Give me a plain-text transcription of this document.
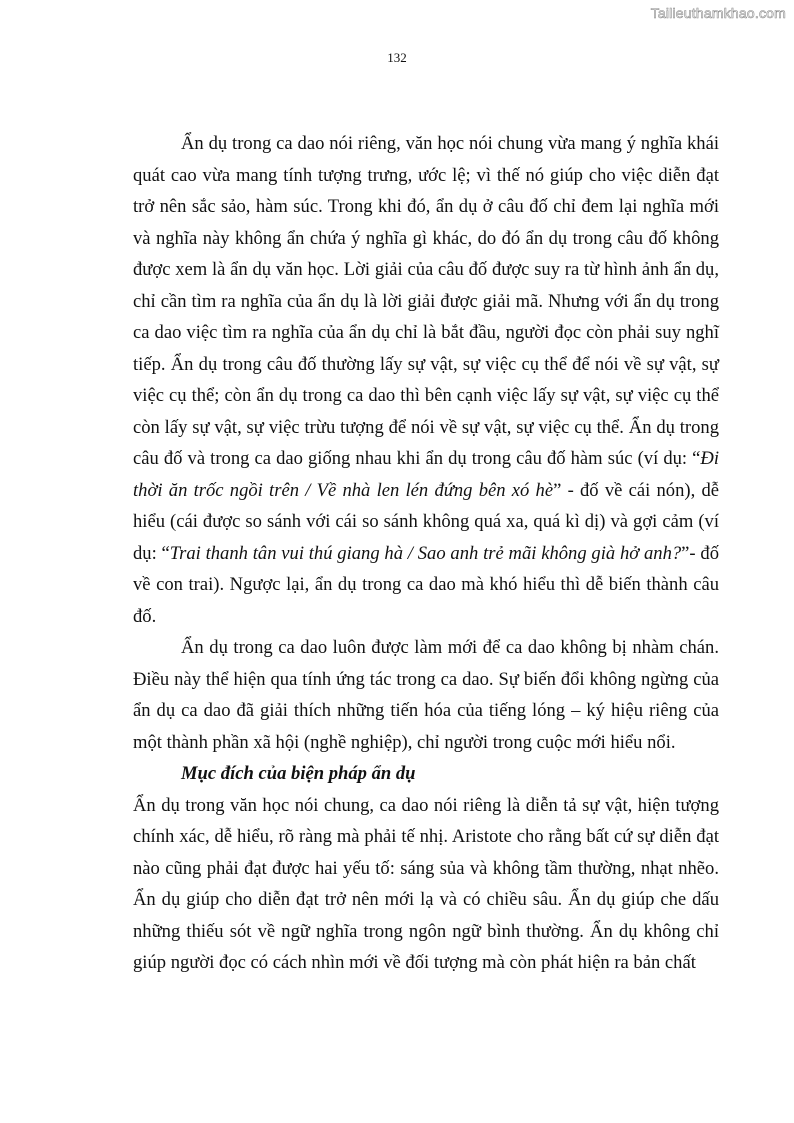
Tailieuthamkhao.com
132

Ẩn dụ trong ca dao nói riêng, văn học nói chung vừa mang ý nghĩa khái quát cao vừa mang tính tượng trưng, ước lệ; vì thế nó giúp cho việc diễn đạt trở nên sắc sảo, hàm súc. Trong khi đó, ẩn dụ ở câu đố chỉ đem lại nghĩa mới và nghĩa này không ẩn chứa ý nghĩa gì khác, do đó ẩn dụ trong câu đố không được xem là ẩn dụ văn học. Lời giải của câu đố được suy ra từ hình ảnh ẩn dụ, chỉ cần tìm ra nghĩa của ẩn dụ là lời giải được giải mã. Nhưng với ẩn dụ trong ca dao việc tìm ra nghĩa của ẩn dụ chỉ là bắt đầu, người đọc còn phải suy nghĩ tiếp. Ẩn dụ trong câu đố thường lấy sự vật, sự việc cụ thể để nói về sự vật, sự việc cụ thể; còn ẩn dụ trong ca dao thì bên cạnh việc lấy sự vật, sự việc cụ thể còn lấy sự vật, sự việc trừu tượng để nói về sự vật, sự việc cụ thể. Ẩn dụ trong câu đố và trong ca dao giống nhau khi ẩn dụ trong câu đố hàm súc (ví dụ: “Đi thời ăn trốc ngồi trên / Về nhà len lén đứng bên xó hè” - đố về cái nón), dễ hiểu (cái được so sánh với cái so sánh không quá xa, quá kì dị) và gợi cảm (ví dụ: “Trai thanh tân vui thú giang hà / Sao anh trẻ mãi không già hở anh?”- đố về con trai). Ngược lại, ẩn dụ trong ca dao mà khó hiểu thì dễ biến thành câu đố.

Ẩn dụ trong ca dao luôn được làm mới để ca dao không bị nhàm chán. Điều này thể hiện qua tính ứng tác trong ca dao. Sự biến đổi không ngừng của ẩn dụ ca dao đã giải thích những tiến hóa của tiếng lóng – ký hiệu riêng của một thành phần xã hội (nghề nghiệp), chỉ người trong cuộc mới hiểu nổi.

Mục đích của biện pháp ẩn dụ

Ẩn dụ trong văn học nói chung, ca dao nói riêng là diễn tả sự vật, hiện tượng chính xác, dễ hiểu, rõ ràng mà phải tế nhị. Aristote cho rằng bất cứ sự diễn đạt nào cũng phải đạt được hai yếu tố: sáng sủa và không tầm thường, nhạt nhẽo. Ẩn dụ giúp cho diễn đạt trở nên mới lạ và có chiều sâu. Ẩn dụ giúp che dấu những thiếu sót về ngữ nghĩa trong ngôn ngữ bình thường. Ẩn dụ không chỉ giúp người đọc có cách nhìn mới về đối tượng mà còn phát hiện ra bản chất
